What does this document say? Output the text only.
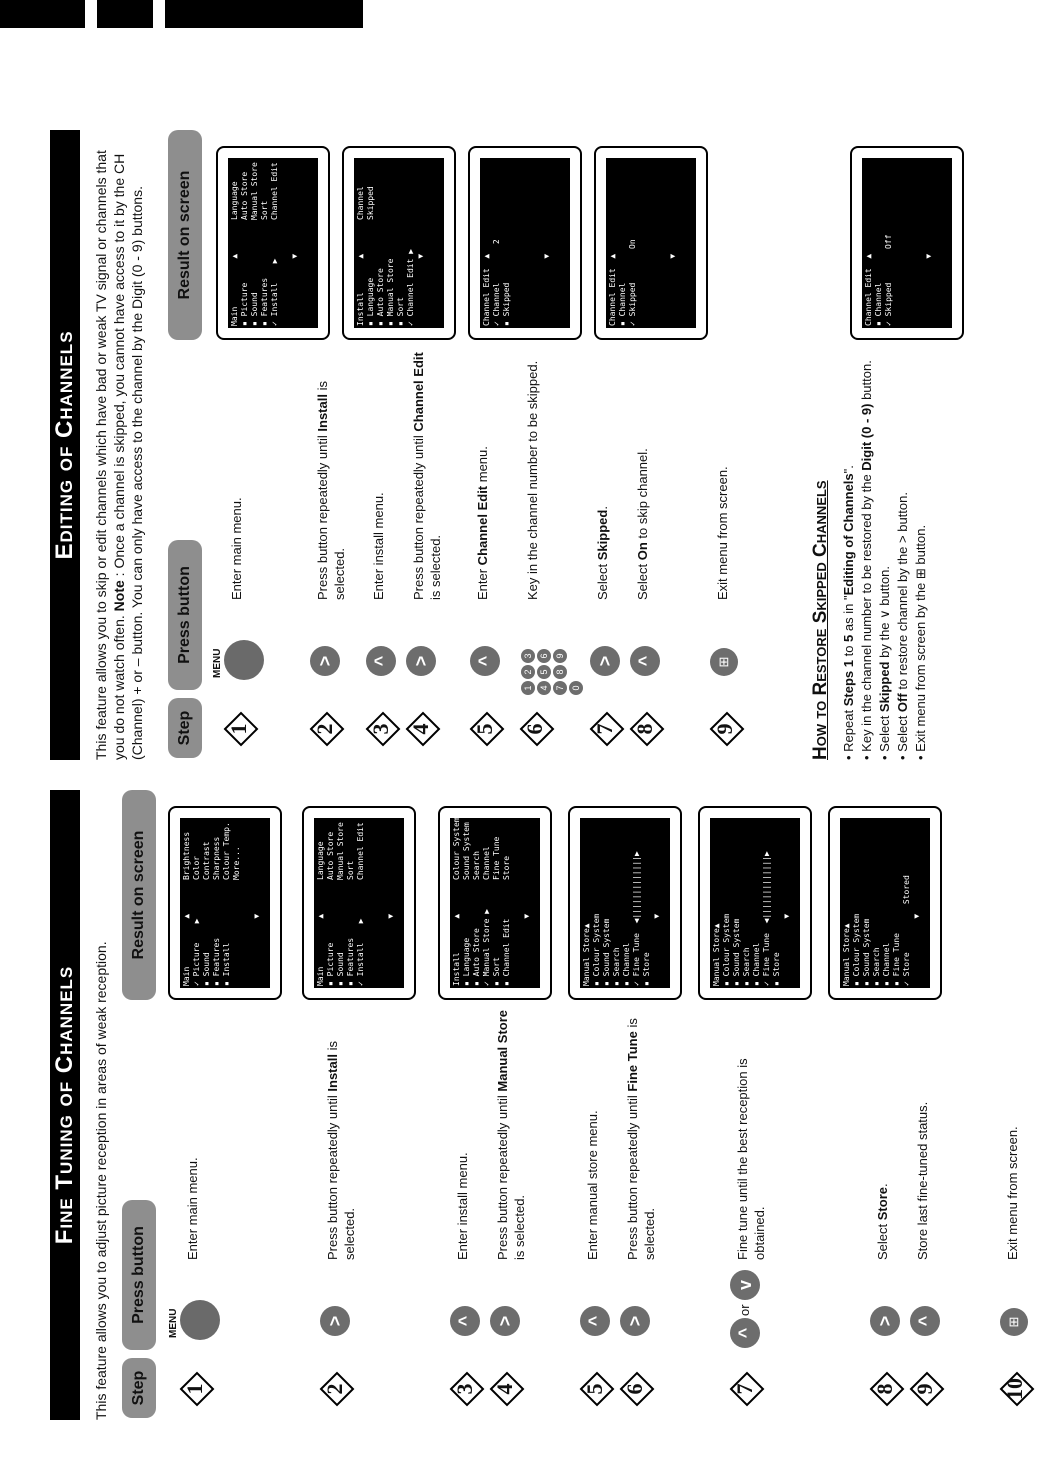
Fine Tuning of Channels This feature allows you to adjust picture reception in areas of weak reception.	Step
Press button
Result on screen
1
MENU
Enter main menu.
2
>
Press button repeatedly until Install is selected.
3
^
Enter install menu.
4
>
Press button repeatedly until Manual Store is selected.
5
^
Enter manual store menu.
6
>
Press button repeatedly until Fine Tune is selected.
7
^
or
v
Fine tune until the best reception is obtained.
8
>
Select Store.
9
^
Store last fine-tuned status.
10
⊞
Exit menu from screen.
Main          ▲
✓ Picture    ▶
▪ Sound
▪ Features
▪ Install

▼
Brightness
Color
Contrast
Sharpness
Colour Temp.
More...
Main          ▲
▪ Picture
▪ Sound
▪ Features
✓ Install    ▶

▼
Language
Auto Store
Manual Store
Sort
Channel Edit
Install       ▲
▪ Language
▪ Auto Store
✓ Manual Store ▶
▪ Sort
▪ Channel Edit

▼
Colour System
Sound System
Search
Channel
Fine Tune
Store
Manual Store▲
▪ Colour System
▪ Sound System
▪ Search
▪ Channel
✓ Fine Tune  ◀|||||||||||||▶
▪ Store
▼
Manual Store▲
▪ Colour System
▪ Sound System
▪ Search
▪ Channel
✓ Fine Tune  ◀|||||||||||||▶
▪ Store
▼
Manual Store▲
▪ Colour System
▪ Sound System
▪ Search
▪ Channel
▪ Fine Tune
✓ Store          Stored
▼
Editing of Channels This feature allows you to skip or edit channels which have bad or weak TV signal or channels that you do not watch often. Note : Once a channel is skipped, you cannot have access to it by the CH (Channel) + or – button. You can only have access to the channel by the Digit (0 - 9) buttons.	Step
Press button
Result on screen
1
MENU
Enter main menu.
2
>
Press button repeatedly until Install is selected.
3
^
Enter install menu.
4
>
Press button repeatedly until Channel Edit is selected.
5
^
Enter Channel Edit menu.
6
1234567890
Key in the channel number to be skipped.
7
>
Select Skipped.
8
^
Select On to skip channel.
9
⊞
Exit menu from screen.
Main          ▲
▪ Picture
▪ Sound
▪ Features
✓ Install    ▶

▼
Language
Auto Store
Manual Store
Sort
Channel Edit
Install       ▲
▪ Language
▪ Auto Store
▪ Manual Store
▪ Sort
✓ Channel Edit ▶
▼
Channel
Skipped
Channel Edit  ▲
✓ Channel        2
▪ Skipped

▼
Channel Edit  ▲
▪ Channel
✓ Skipped       On

▼
Channel Edit  ▲
▪ Channel
✓ Skipped       Off

▼
How to Restore Skipped Channels • Repeat Steps 1 to 5 as in "Editing of Channels".
• Key in the channel number to be restored by the Digit (0 - 9) button.
• Select Skipped by the ∨ button.
• Select Off to restore channel by the > button.
• Exit menu from screen by the ⊞ button.
